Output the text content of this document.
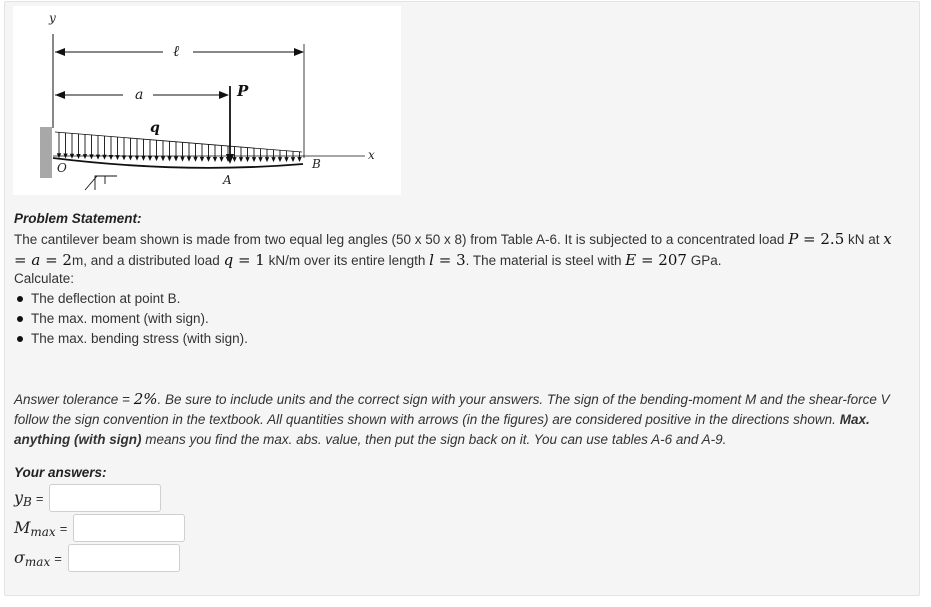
y
ℓ
a	P
q
x
O	B
A
Problem Statement:
The cantilever beam shown is made from two equal leg angles (50 x 50 x 8) from Table A-6. It is subjected to a concentrated load P = 2.5 kN at x = a = 2m, and a distributed load q = 1 kN/m over its entire length l = 3. The material is steel with E = 207 GPa.
Calculate:
The deflection at point B.
The max. moment (with sign).
The max. bending stress (with sign).
Answer tolerance = 2%. Be sure to include units and the correct sign with your answers. The sign of the bending-moment M and the shear-force V follow the sign convention in the textbook. All quantities shown with arrows (in the figures) are considered positive in the directions shown. Max. anything (with sign) means you find the max. abs. value, then put the sign back on it. You can use tables A-6 and A-9.
Your answers:
$y_B$ =
$M_{max}$ =
$\sigma_{max}$ =
